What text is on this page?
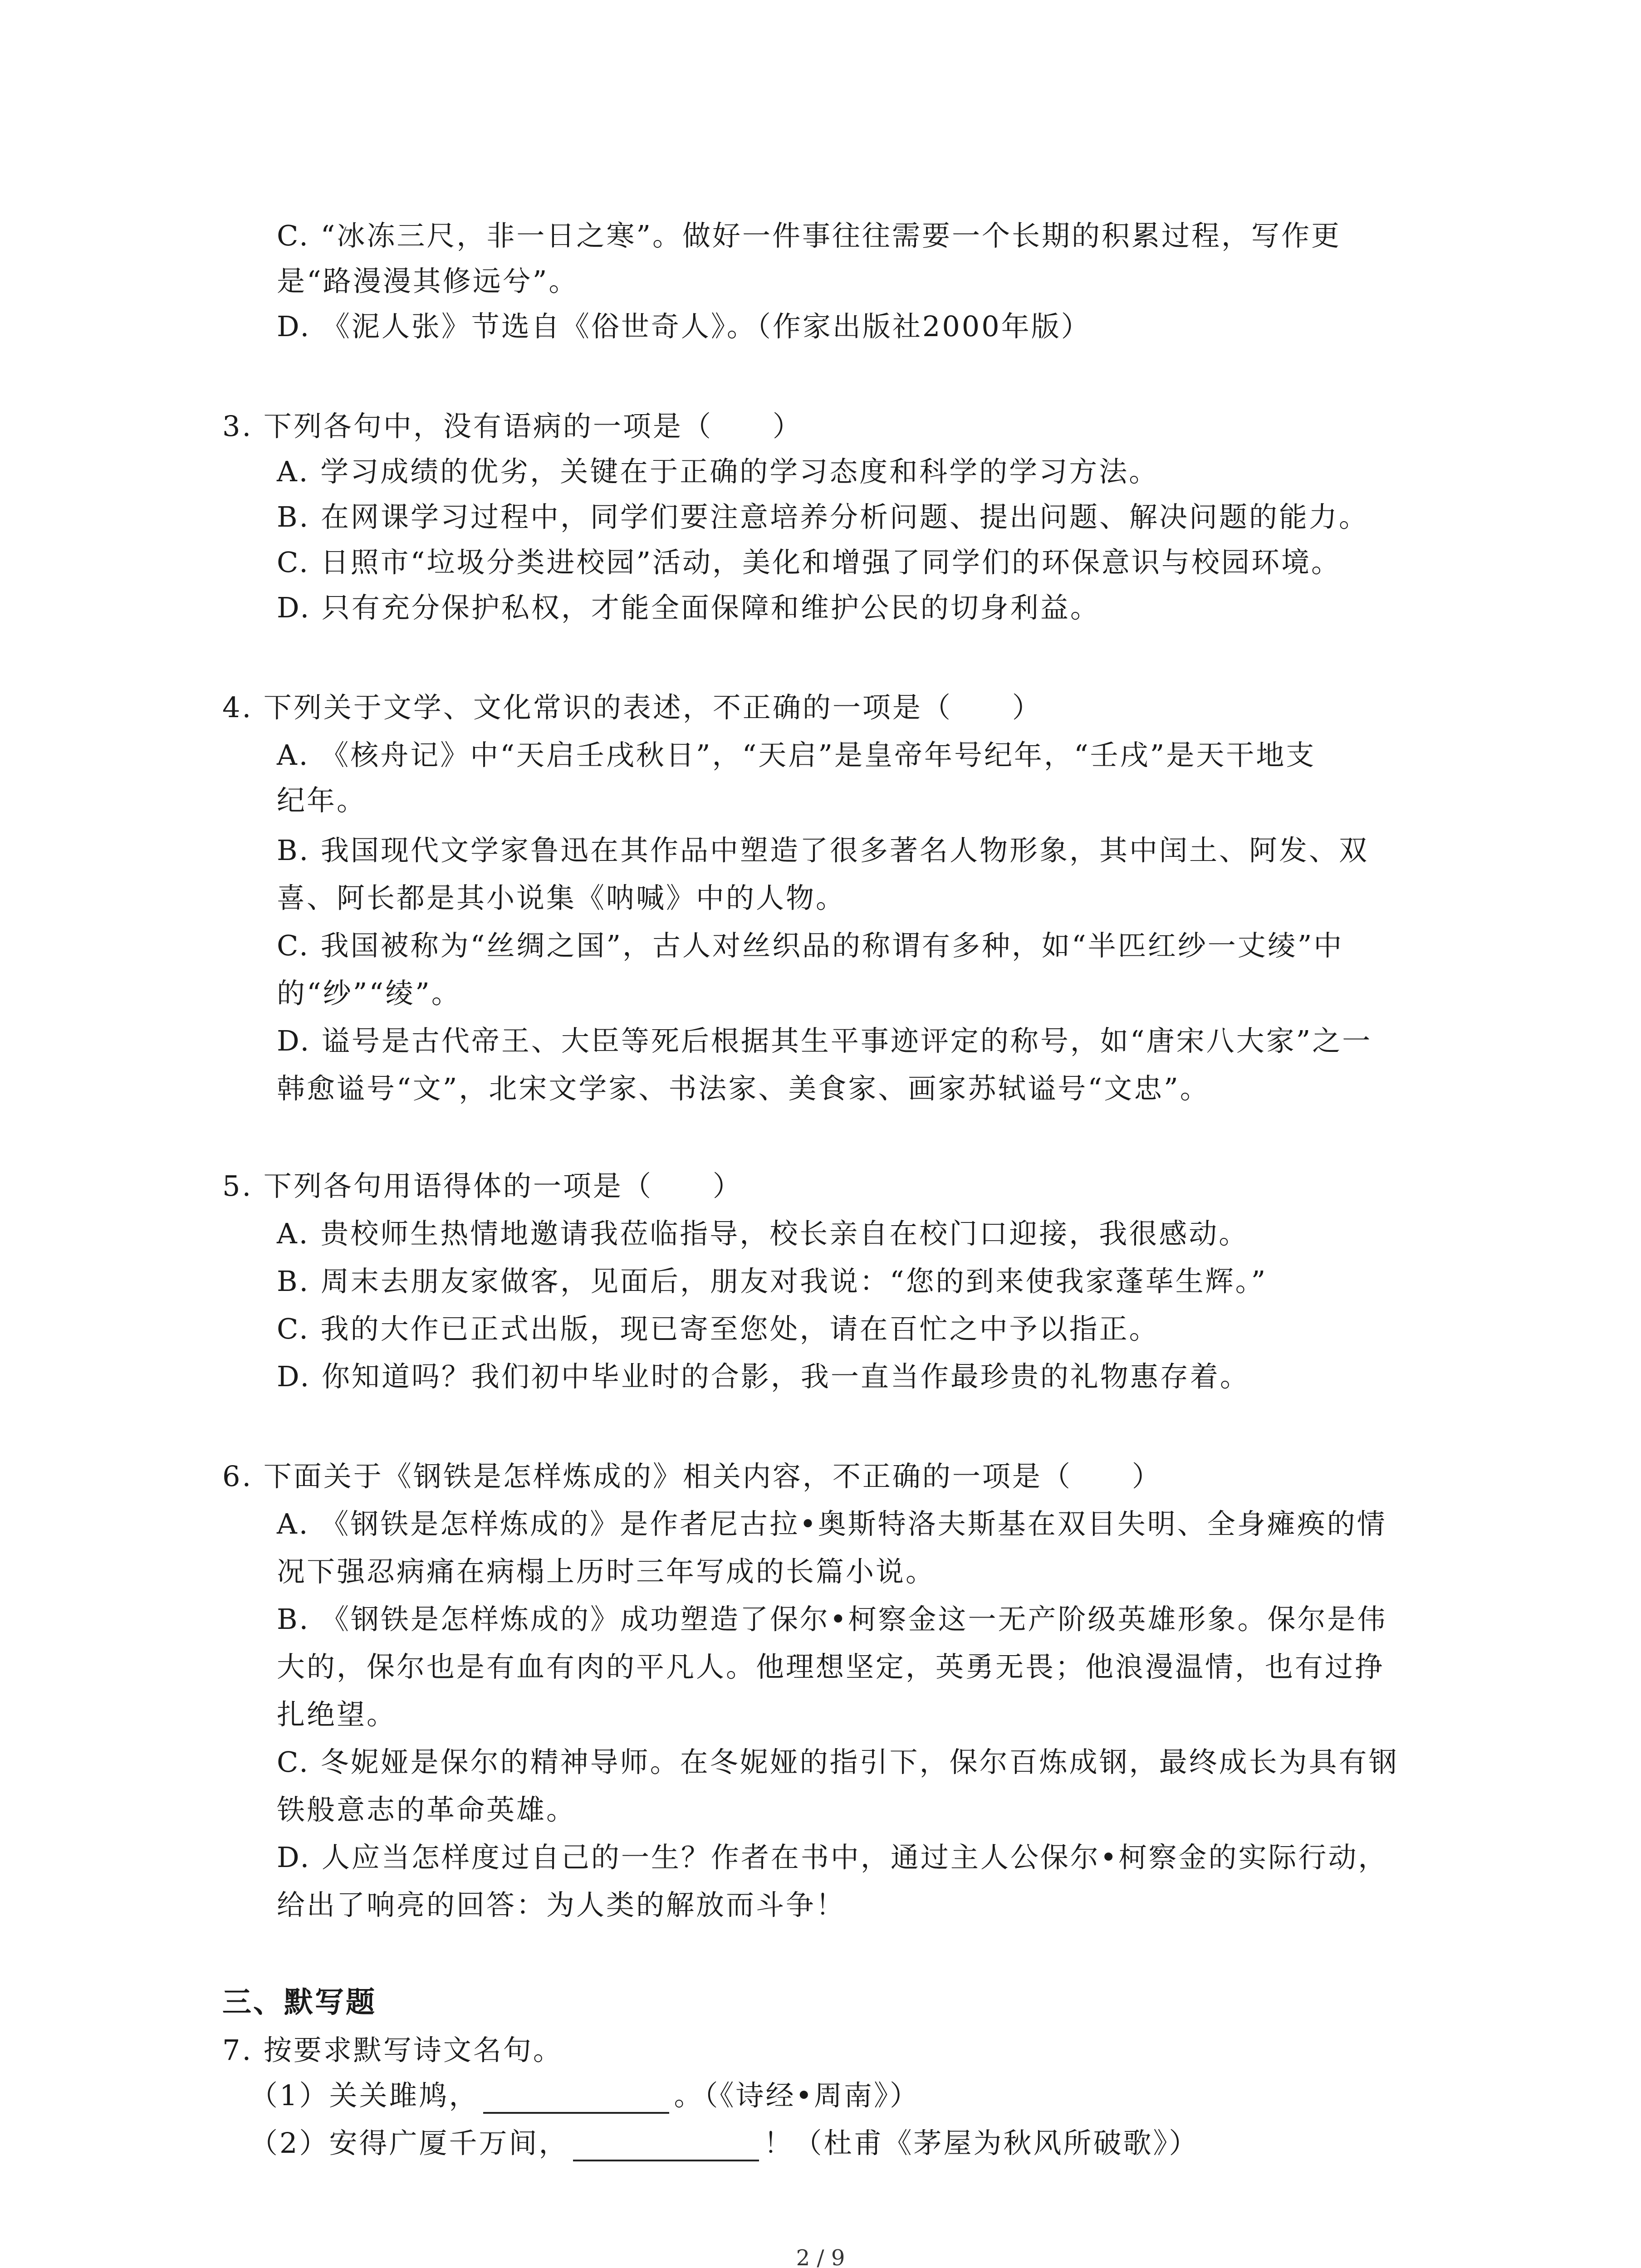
C. “冰冻三尺，非一日之寒”。做好一件事往往需要一个长期的积累过程，写作更
是“路漫漫其修远兮”。
D. 《泥人张》节选自《俗世奇人》。（作家出版社2000年版）
3. 下列各句中，没有语病的一项是（　　）
A. 学习成绩的优劣，关键在于正确的学习态度和科学的学习方法。
B. 在网课学习过程中，同学们要注意培养分析问题、提出问题、解决问题的能力。
C. 日照市“垃圾分类进校园”活动，美化和增强了同学们的环保意识与校园环境。
D. 只有充分保护私权，才能全面保障和维护公民的切身利益。
4. 下列关于文学、文化常识的表述，不正确的一项是（　　）
A. 《核舟记》中“天启壬戌秋日”，“天启”是皇帝年号纪年，“壬戌”是天干地支
纪年。
B. 我国现代文学家鲁迅在其作品中塑造了很多著名人物形象，其中闰土、阿发、双
喜、阿长都是其小说集《呐喊》中的人物。
C. 我国被称为“丝绸之国”，古人对丝织品的称谓有多种，如“半匹红纱一丈绫”中
的“纱”“绫”。
D. 谥号是古代帝王、大臣等死后根据其生平事迹评定的称号，如“唐宋八大家”之一
韩愈谥号“文”，北宋文学家、书法家、美食家、画家苏轼谥号“文忠”。
5. 下列各句用语得体的一项是（　　）
A. 贵校师生热情地邀请我莅临指导，校长亲自在校门口迎接，我很感动。
B. 周末去朋友家做客，见面后，朋友对我说：“您的到来使我家蓬荜生辉。”
C. 我的大作已正式出版，现已寄至您处，请在百忙之中予以指正。
D. 你知道吗？我们初中毕业时的合影，我一直当作最珍贵的礼物惠存着。
6. 下面关于《钢铁是怎样炼成的》相关内容，不正确的一项是（　　）
A. 《钢铁是怎样炼成的》是作者尼古拉•奥斯特洛夫斯基在双目失明、全身瘫痪的情
况下强忍病痛在病榻上历时三年写成的长篇小说。
B. 《钢铁是怎样炼成的》成功塑造了保尔•柯察金这一无产阶级英雄形象。保尔是伟
大的，保尔也是有血有肉的平凡人。他理想坚定，英勇无畏；他浪漫温情，也有过挣
扎绝望。
C. 冬妮娅是保尔的精神导师。在冬妮娅的指引下，保尔百炼成钢，最终成长为具有钢
铁般意志的革命英雄。
D. 人应当怎样度过自己的一生？作者在书中，通过主人公保尔•柯察金的实际行动，
给出了响亮的回答：为人类的解放而斗争！
三、默写题
7. 按要求默写诗文名句。
（1）关关雎鸠，	。（《诗经•周南》）
（2）安得广厦千万间，	！（杜甫《茅屋为秋风所破歌》）
2 / 9
